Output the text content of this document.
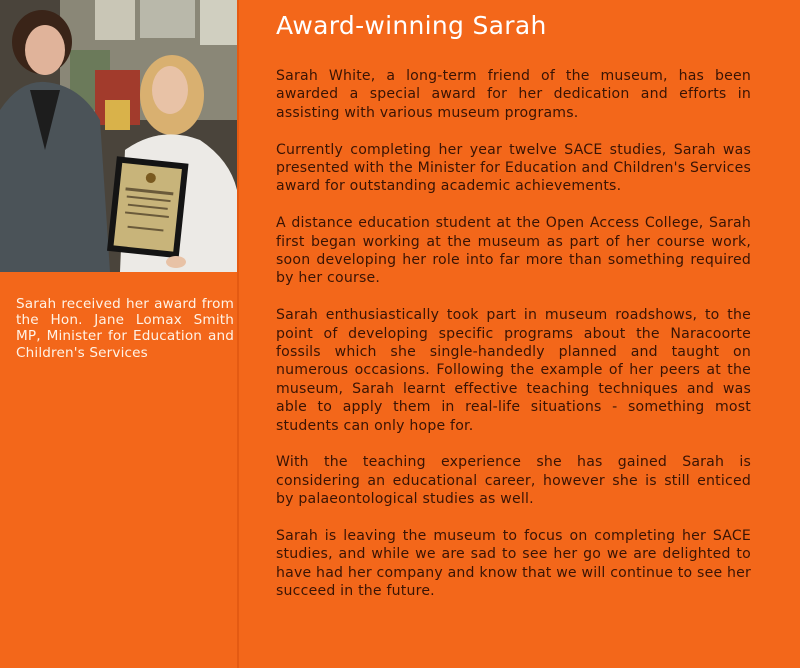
Sarah received her award from the Hon. Jane Lomax Smith MP, Minister for Education and Children's Services
Award-winning Sarah

Sarah White, a long-term friend of the museum, has been awarded a special award for her dedication and efforts in assisting with various museum programs.

Currently completing her year twelve SACE studies, Sarah was presented with the Minister for Education and Children's Services award for outstanding academic achievements.

A distance education student at the Open Access College, Sarah first began working at the museum as part of her course work, soon developing her role into far more than something required by her course.

Sarah enthusiastically took part in museum roadshows, to the point of developing specific programs about the Naracoorte fossils which she single-handedly planned and taught on numerous occasions. Following the example of her peers at the museum, Sarah learnt effective teaching techniques and was able to apply them in real-life situations - something most students can only hope for.

With the teaching experience she has gained Sarah is considering an educational career, however she is still enticed by palaeontological studies as well.

Sarah is leaving the museum to focus on completing her SACE studies, and while we are sad to see her go we are delighted to have had her company and know that we will continue to see her succeed in the future.
